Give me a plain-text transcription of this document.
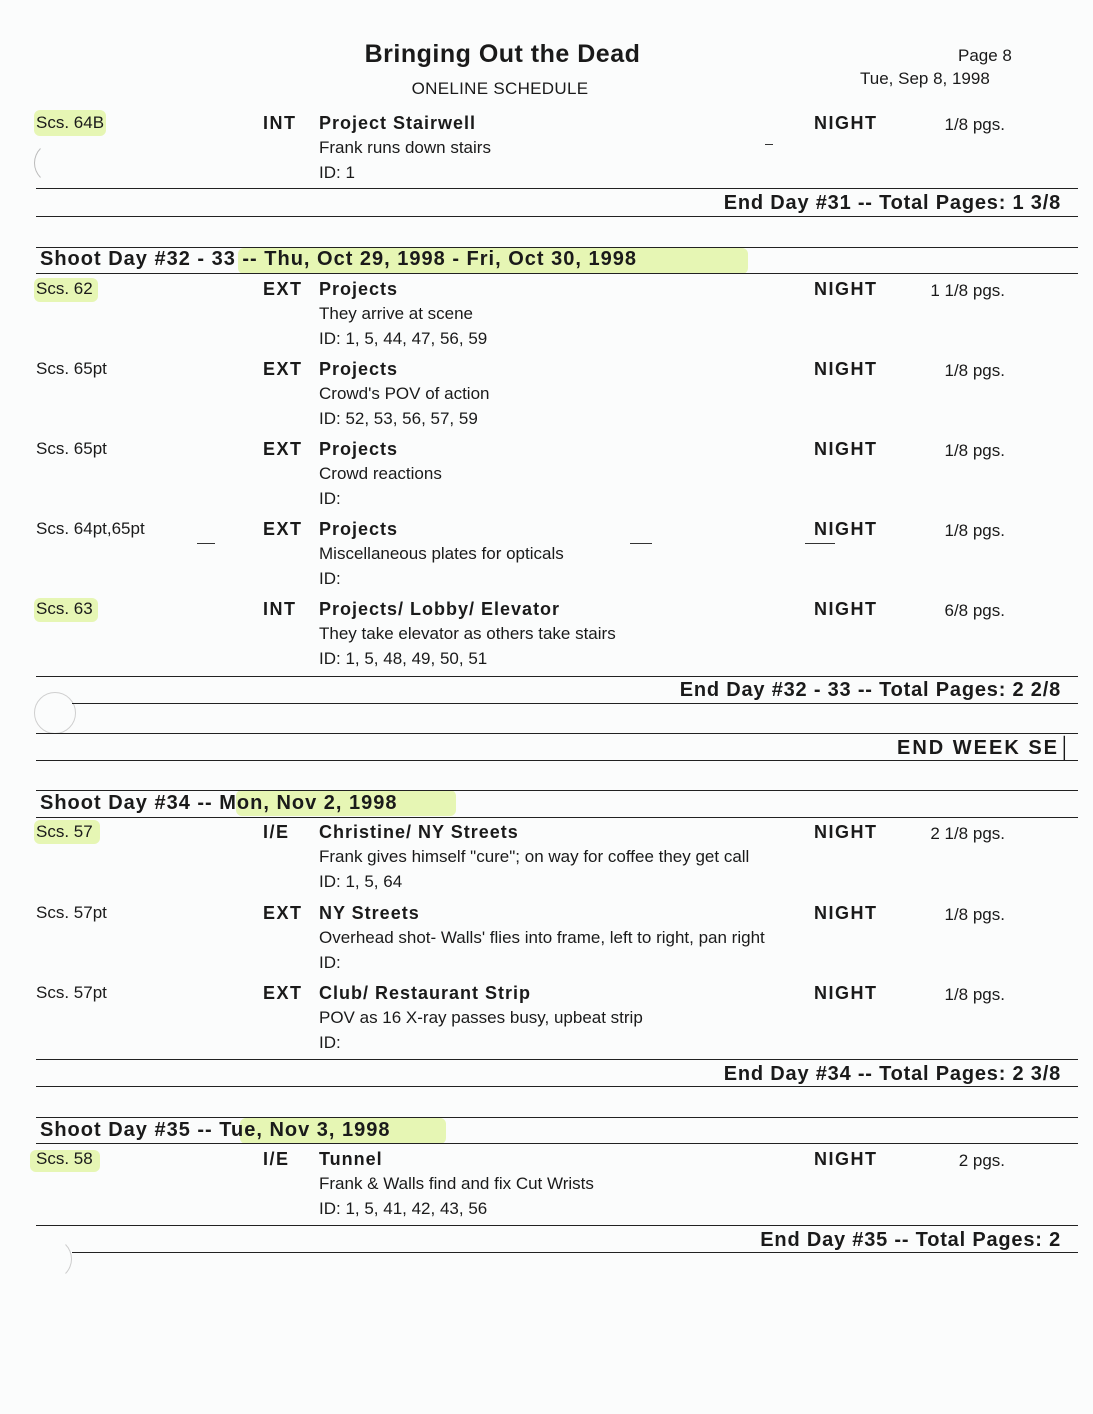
Bringing Out the Dead
ONELINE SCHEDULE
Page 8
Tue, Sep 8, 1998
Scs. 64B	INT Project Stairwell
Frank runs down stairs
ID: 1
NIGHT	1/8 pgs.
End Day #31 -- Total Pages: 1 3/8
Shoot Day #32 - 33 -- Thu, Oct 29, 1998 - Fri, Oct 30, 1998
Scs. 62	EXT Projects
They arrive at scene
ID: 1, 5, 44, 47, 56, 59
NIGHT	1 1/8 pgs.
Scs. 65pt	EXT Projects
Crowd's POV of action
ID: 52, 53, 56, 57, 59
NIGHT	1/8 pgs.
Scs. 65pt	EXT Projects
Crowd reactions
ID:
NIGHT	1/8 pgs.
Scs. 64pt,65pt	EXT Projects
Miscellaneous plates for opticals
ID:
NIGHT	1/8 pgs.
Scs. 63	INT Projects/ Lobby/ Elevator
They take elevator as others take stairs
ID: 1, 5, 48, 49, 50, 51
NIGHT	6/8 pgs.
End Day #32 - 33 -- Total Pages: 2 2/8
END WEEK SE│
Shoot Day #34 -- Mon, Nov 2, 1998
Scs. 57	I/E Christine/ NY Streets
Frank gives himself "cure"; on way for coffee they get call
ID: 1, 5, 64
NIGHT	2 1/8 pgs.
Scs. 57pt	EXT NY Streets
Overhead shot- Walls' flies into frame, left to right, pan right
ID:
NIGHT	1/8 pgs.
Scs. 57pt	EXT Club/ Restaurant Strip
POV as 16 X-ray passes busy, upbeat strip
ID:
NIGHT	1/8 pgs.
End Day #34 -- Total Pages: 2 3/8
Shoot Day #35 -- Tue, Nov 3, 1998
Scs. 58	I/E Tunnel
Frank & Walls find and fix Cut Wrists
ID: 1, 5, 41, 42, 43, 56
NIGHT	2 pgs.
End Day #35 -- Total Pages: 2
